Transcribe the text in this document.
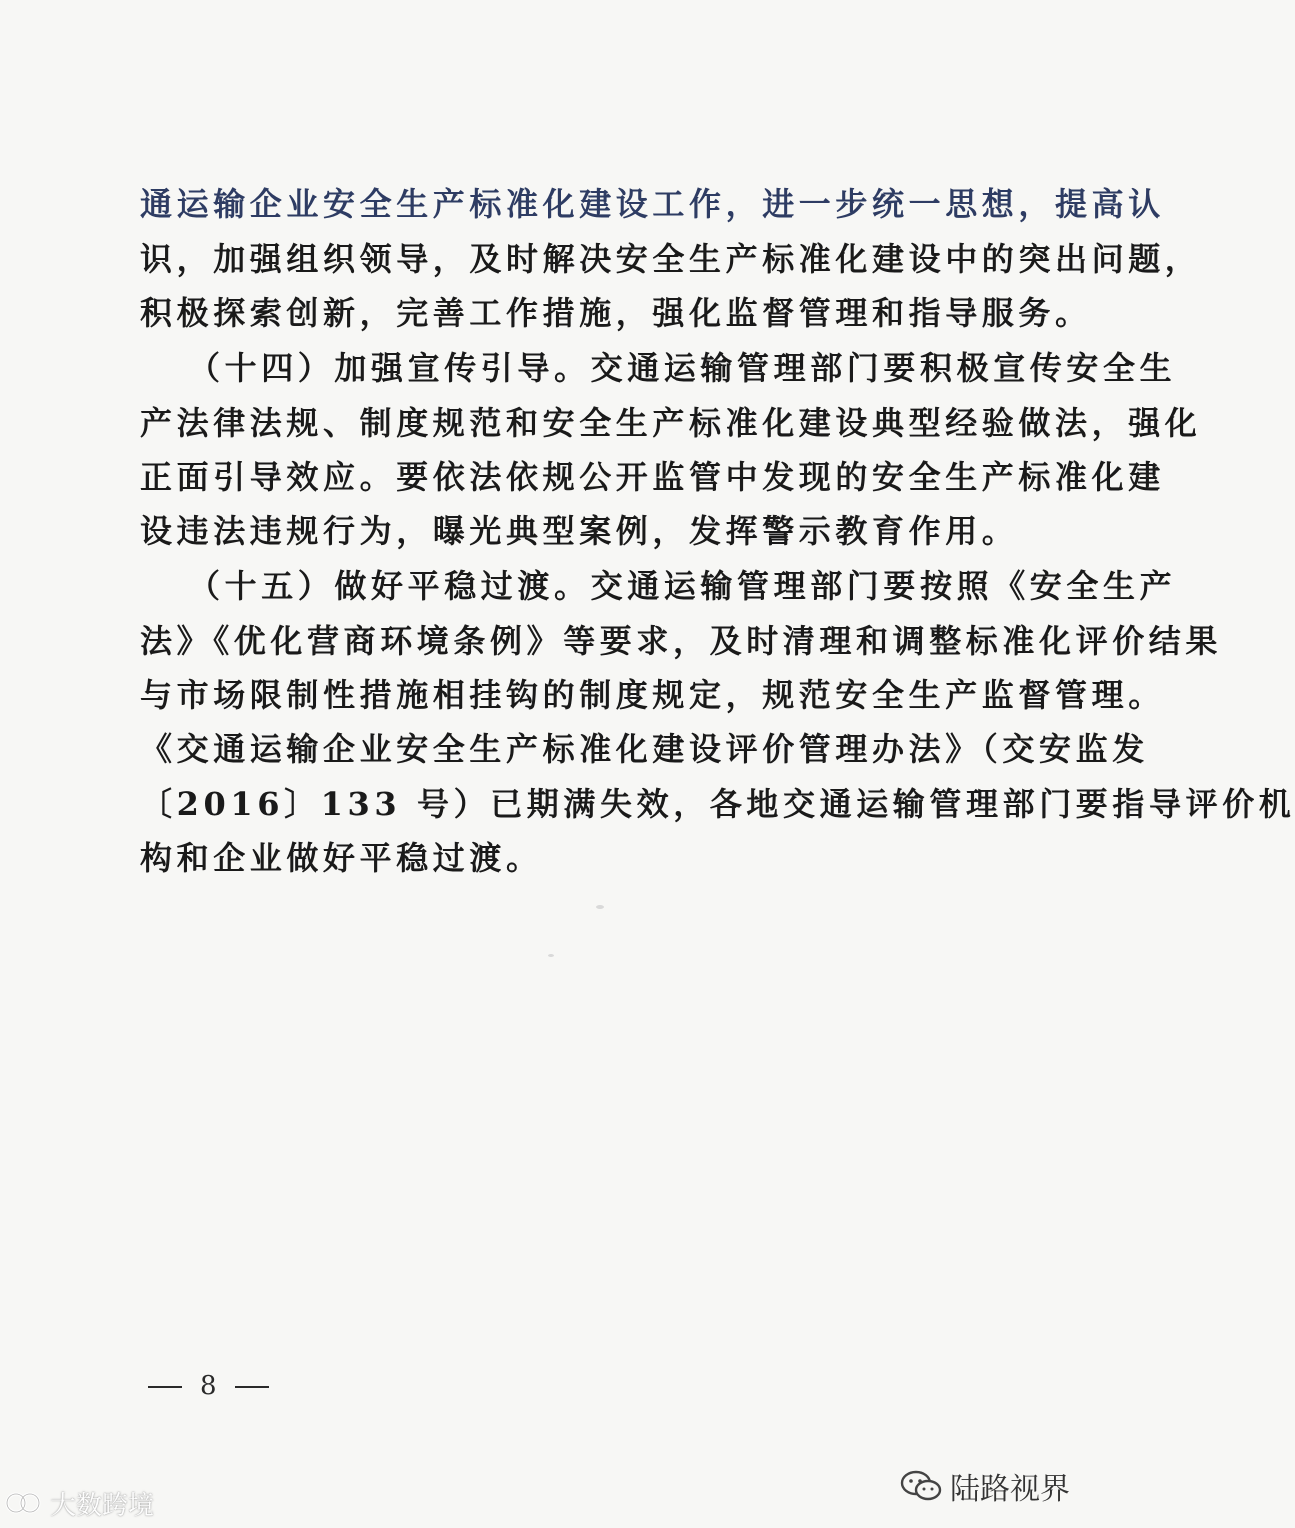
通运输企业安全生产标准化建设工作，进一步统一思想，提高认
识，加强组织领导，及时解决安全生产标准化建设中的突出问题，
积极探索创新，完善工作措施，强化监督管理和指导服务。
（十四）加强宣传引导。交通运输管理部门要积极宣传安全生
产法律法规、制度规范和安全生产标准化建设典型经验做法，强化
正面引导效应。要依法依规公开监管中发现的安全生产标准化建
设违法违规行为，曝光典型案例，发挥警示教育作用。
（十五）做好平稳过渡。交通运输管理部门要按照《安全生产
法》《优化营商环境条例》等要求，及时清理和调整标准化评价结果
与市场限制性措施相挂钩的制度规定，规范安全生产监督管理。
《交通运输企业安全生产标准化建设评价管理办法》（交安监发
〔2016〕133 号）已期满失效，各地交通运输管理部门要指导评价机
构和企业做好平稳过渡。
8
大数跨境	陆路视界
